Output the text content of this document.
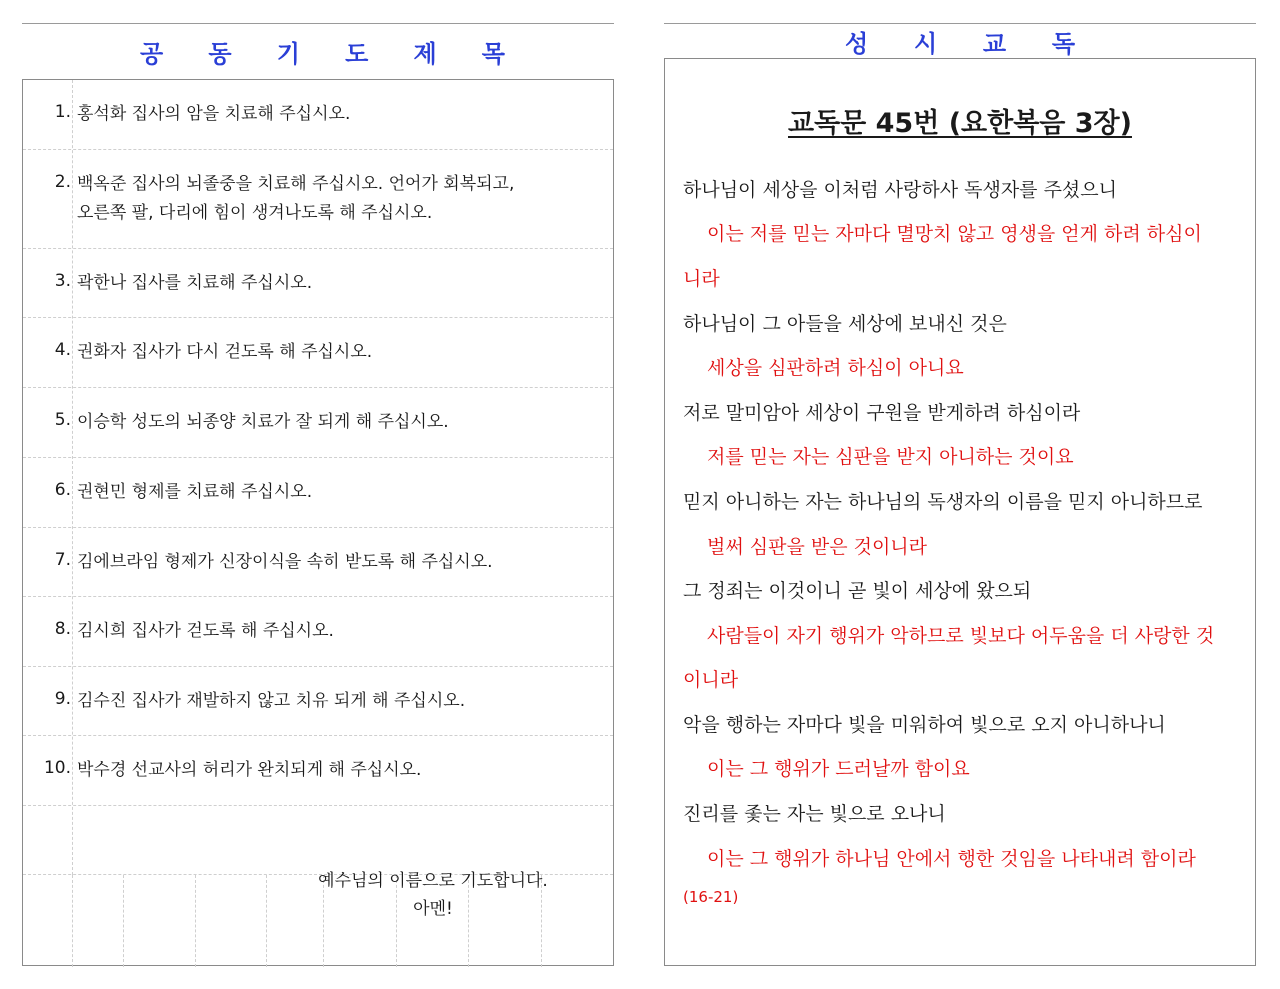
공 동 기 도 제 목
1. 홍석화 집사의 암을 치료해 주십시오.
2. 백옥준 집사의 뇌졸중을 치료해 주십시오. 언어가 회복되고,
오른쪽 팔, 다리에 힘이 생겨나도록 해 주십시오.
3. 곽한나 집사를 치료해 주십시오.
4. 권화자 집사가 다시 걷도록 해 주십시오.
5. 이승학 성도의 뇌종양 치료가 잘 되게 해 주십시오.
6. 권현민 형제를 치료해 주십시오.
7. 김에브라임 형제가 신장이식을 속히 받도록 해 주십시오.
8. 김시희 집사가 걷도록 해 주십시오.
9. 김수진 집사가 재발하지 않고 치유 되게 해 주십시오.
10. 박수경 선교사의 허리가 완치되게 해 주십시오.
예수님의 이름으로 기도합니다.
아멘!
성 시 교 독
교독문 45번 (요한복음 3장)
하나님이 세상을 이처럼 사랑하사 독생자를 주셨으니
이는 저를 믿는 자마다 멸망치 않고 영생을 얻게 하려 하심이
니라
하나님이 그 아들을 세상에 보내신 것은
세상을 심판하려 하심이 아니요
저로 말미암아 세상이 구원을 받게하려 하심이라
저를 믿는 자는 심판을 받지 아니하는 것이요
믿지 아니하는 자는 하나님의 독생자의 이름을 믿지 아니하므로
벌써 심판을 받은 것이니라
그 정죄는 이것이니 곧 빛이 세상에 왔으되
사람들이 자기 행위가 악하므로 빛보다 어두움을 더 사랑한 것
이니라
악을 행하는 자마다 빛을 미워하여 빛으로 오지 아니하나니
이는 그 행위가 드러날까 함이요
진리를 좇는 자는 빛으로 오나니
이는 그 행위가 하나님 안에서 행한 것임을 나타내려 함이라
(16-21)
